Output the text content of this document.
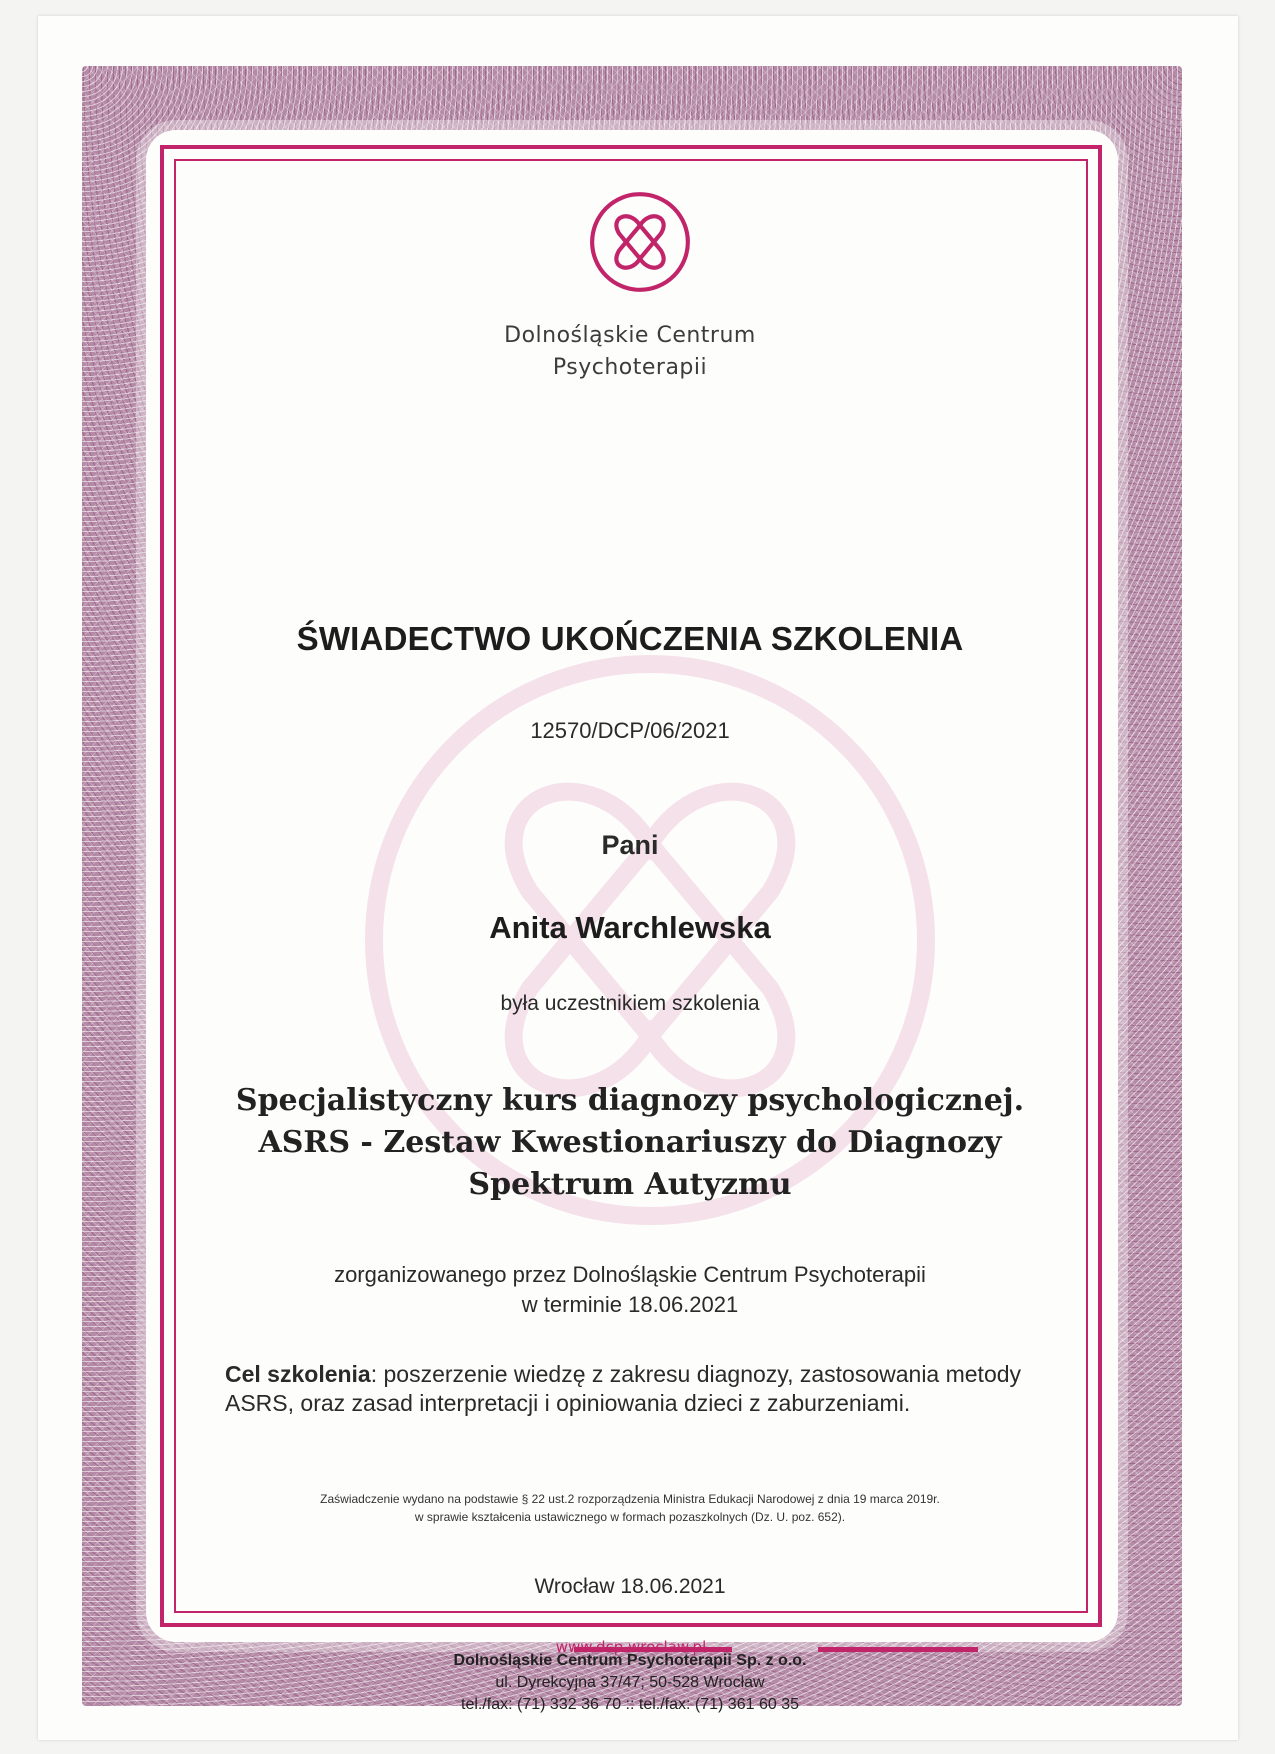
Dolnośląskie Centrum
Psychoterapii
ŚWIADECTWO UKOŃCZENIA SZKOLENIA
12570/DCP/06/2021
Pani
Anita Warchlewska
była uczestnikiem szkolenia
Specjalistyczny kurs diagnozy psychologicznej.
ASRS - Zestaw Kwestionariuszy do Diagnozy
Spektrum Autyzmu
zorganizowanego przez Dolnośląskie Centrum Psychoterapii
w terminie 18.06.2021
Cel szkolenia: poszerzenie wiedzę z zakresu diagnozy, zastosowania metody ASRS, oraz zasad interpretacji i opiniowania dzieci z zaburzeniami.
Zaświadczenie wydano na podstawie § 22 ust.2 rozporządzenia Ministra Edukacji Narodowej z dnia 19 marca 2019r.
w sprawie kształcenia ustawicznego w formach pozaszkolnych (Dz. U. poz. 652).
Wrocław 18.06.2021
Dolnośląskie Centrum Psychoterapii Sp. z o.o.
ul. Dyrekcyjna 37/47; 50-528 Wrocław
tel./fax: (71) 332 36 70 :: tel./fax: (71) 361 60 35
www.dcp.wroclaw.pl
